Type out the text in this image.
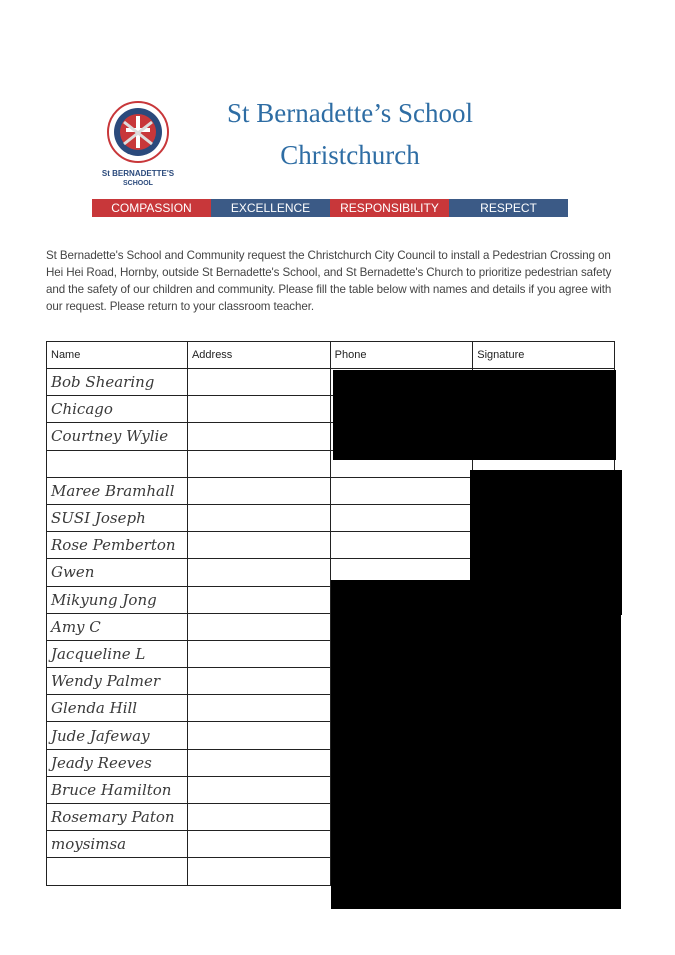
St BERNADETTE'S
SCHOOL
St Bernadette’s School
Christchurch
COMPASSION	EXCELLENCE	RESPONSIBILITY	RESPECT
St Bernadette's School and Community request the Christchurch City Council to install a Pedestrian Crossing on Hei Hei Road, Hornby, outside St Bernadette's School, and St Bernadette's Church to prioritize pedestrian safety and the safety of our children and community. Please fill the table below with names and details if you agree with our request. Please return to your classroom teacher.
Name	Address	Phone	Signature

Bob Shearing			

Chicago			

Courtney Wylie			

Maree Bramhall			

SUSI Joseph			

Rose Pemberton			

Gwen			

Mikyung Jong			

Amy C			

Jacqueline L			

Wendy Palmer			

Glenda Hill			

Jude Jafeway			

Jeady Reeves			

Bruce Hamilton			

Rosemary Paton			

moysimsa			
